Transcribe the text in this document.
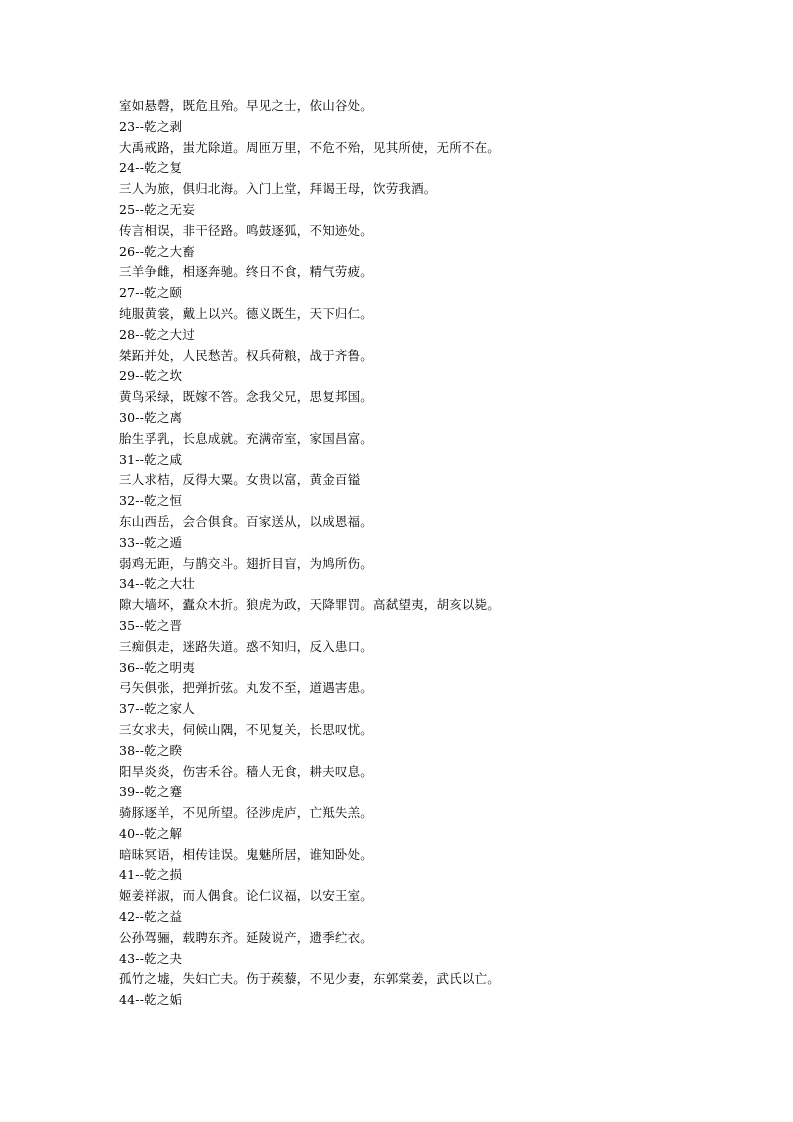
室如悬磬，既危且殆。早见之士，依山谷处。
23--乾之剥
大禹戒路，蚩尤除道。周匝万里，不危不殆，见其所使，无所不在。
24--乾之复
三人为旅，俱归北海。入门上堂，拜谒王母，饮劳我酒。
25--乾之无妄
传言相误，非干径路。鸣鼓逐狐，不知迹处。
26--乾之大畜
三羊争雌，相逐奔驰。终日不食，精气劳疲。
27--乾之颐
纯服黄裳，戴上以兴。德义既生，天下归仁。
28--乾之大过
桀跖并处，人民愁苦。权兵荷粮，战于齐鲁。
29--乾之坎
黄鸟采绿，既嫁不答。念我父兄，思复邦国。
30--乾之离
胎生孚乳，长息成就。充满帝室，家国昌富。
31--乾之咸
三人求桔，反得大粟。女贵以富，黄金百镒
32--乾之恒
东山西岳，会合俱食。百家送从，以成恩福。
33--乾之遁
弱鸡无距，与鹊交斗。翅折目盲，为鸠所伤。
34--乾之大壮
隙大墙坏，蠹众木折。狼虎为政，天降罪罚。高弑望夷，胡亥以毙。
35--乾之晋
三痴俱走，迷路失道。惑不知归，反入患口。
36--乾之明夷
弓矢俱张，把弹折弦。丸发不至，道遇害患。
37--乾之家人
三女求夫，伺候山隅，不见复关，长思叹忧。
38--乾之睽
阳旱炎炎，伤害禾谷。穑人无食，耕夫叹息。
39--乾之蹇
骑豚逐羊，不见所望。径涉虎庐，亡羝失羔。
40--乾之解
暗昧冥语，相传诖误。鬼魅所居，谁知卧处。
41--乾之损
姬姜祥淑，而人偶食。论仁议福，以安王室。
42--乾之益
公孙驾骊，载聘东齐。延陵说产，遗季纻衣。
43--乾之夬
孤竹之墟，失妇亡夫。伤于蒺藜，不见少妻，东郭棠姜，武氏以亡。
44--乾之姤
